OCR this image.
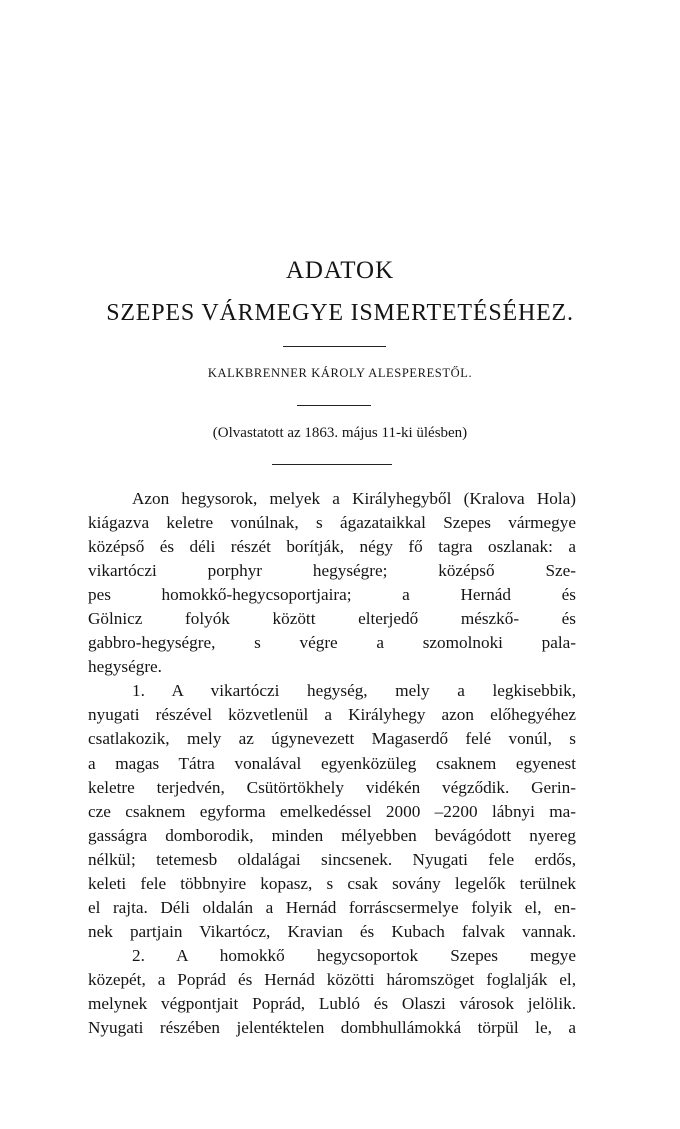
ADATOK
SZEPES VÁRMEGYE ISMERTETÉSÉHEZ.

KALKBRENNER KÁROLY ALESPERESTŐL.

(Olvastatott az 1863. május 11-ki ülésben)

Azon hegysorok, melyek a Királyhegyből (Kralova Hola)
kiágazva keletre vonúlnak, s ágazataikkal Szepes vármegye
középső és déli részét borítják, négy fő tagra oszlanak: a
vikartóczi porphyr hegységre; középső Sze-
pes homokkő-hegycsoportjaira; a Hernád és
Gölnicz folyók között elterjedő mészkő- és
gabbro-hegységre, s végre a szomolnoki pala-
hegységre.
1. A vikartóczi hegység, mely a legkisebbik,
nyugati részével közvetlenül a Királyhegy azon előhegyéhez
csatlakozik, mely az úgynevezett Magaserdő felé vonúl, s
a magas Tátra vonalával egyenközüleg csaknem egyenest
keletre terjedvén, Csütörtökhely vidékén végződik. Gerin-
cze csaknem egyforma emelkedéssel 2000 –2200 lábnyi ma-
gasságra domborodik, minden mélyebben bevágódott nyereg
nélkül; tetemesb oldalágai sincsenek. Nyugati fele erdős,
keleti fele többnyire kopasz, s csak sovány legelők terülnek
el rajta. Déli oldalán a Hernád forráscsermelye folyik el, en-
nek partjain Vikartócz, Kravian és Kubach falvak vannak.
2. A homokkő hegycsoportok Szepes megye
közepét, a Poprád és Hernád közötti háromszöget foglalják el,
melynek végpontjait Poprád, Lubló és Olaszi városok jelölik.
Nyugati részében jelentéktelen dombhullámokká törpül le, a
